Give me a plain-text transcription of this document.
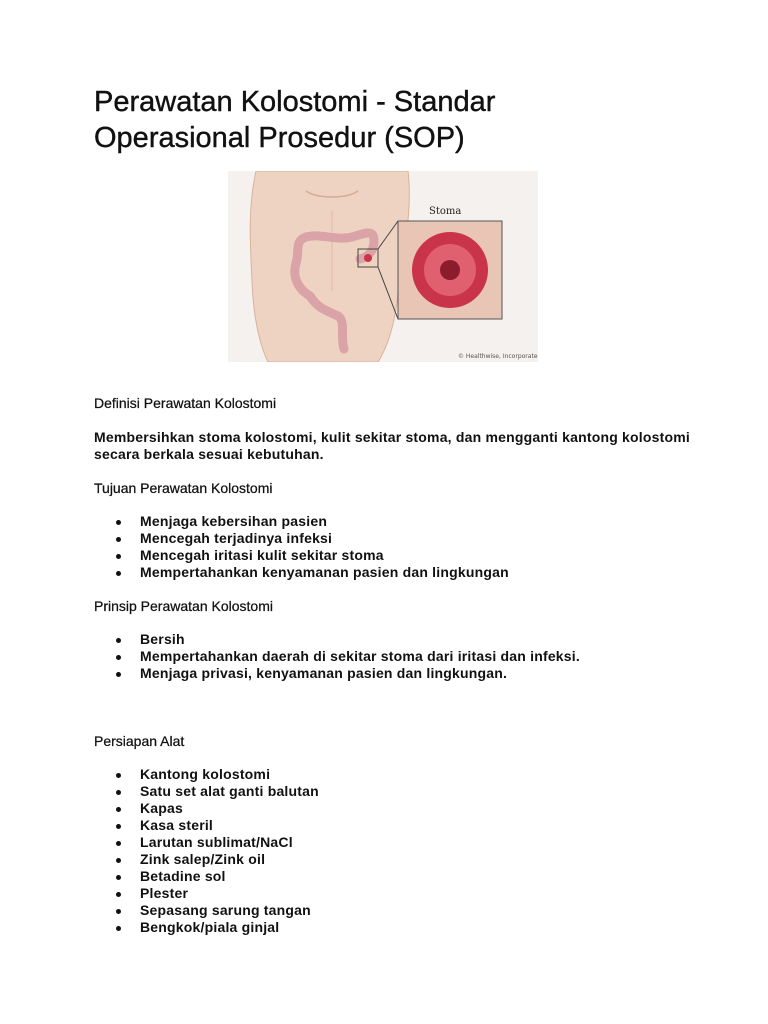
Perawatan Kolostomi - Standar Operasional Prosedur (SOP)
Stoma
© Healthwise, Incorporated
Definisi Perawatan Kolostomi
Membersihkan stoma kolostomi, kulit sekitar stoma, dan mengganti kantong kolostomi secara berkala sesuai kebutuhan.
Tujuan Perawatan Kolostomi
Menjaga kebersihan pasien
Mencegah terjadinya infeksi
Mencegah iritasi kulit sekitar stoma
Mempertahankan kenyamanan pasien dan lingkungan
Prinsip Perawatan Kolostomi
Bersih
Mempertahankan daerah di sekitar stoma dari iritasi dan infeksi.
Menjaga privasi, kenyamanan pasien dan lingkungan.
Persiapan Alat
Kantong kolostomi
Satu set alat ganti balutan
Kapas
Kasa steril
Larutan sublimat/NaCl
Zink salep/Zink oil
Betadine sol
Plester
Sepasang sarung tangan
Bengkok/piala ginjal
